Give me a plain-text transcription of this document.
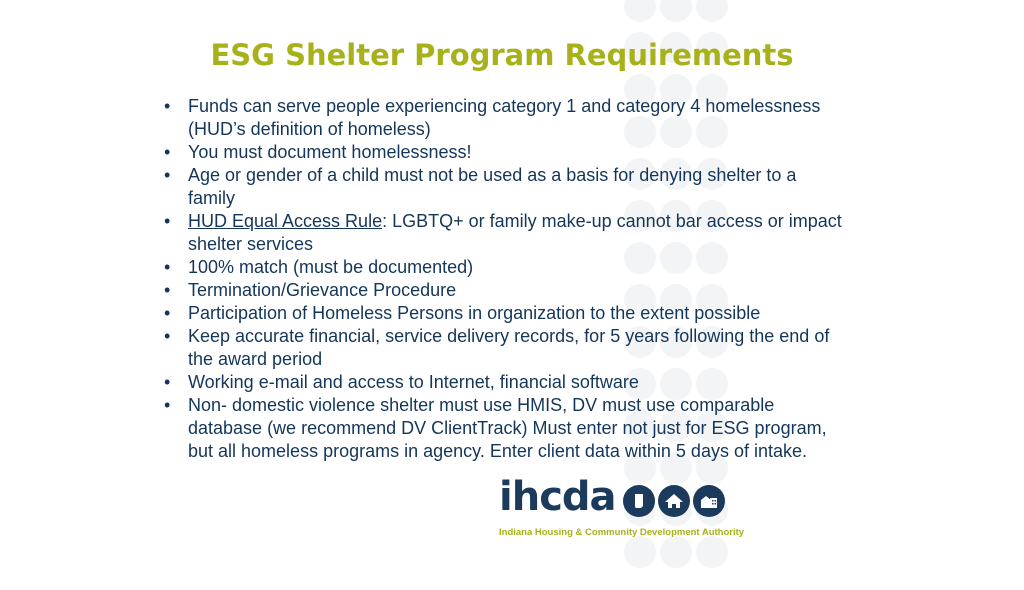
ESG Shelter Program Requirements
• Funds can serve people experiencing category 1 and category 4 homelessness (HUD’s definition of homeless)
• You must document homelessness!
• Age or gender of a child must not be used as a basis for denying shelter to a family
• HUD Equal Access Rule: LGBTQ+ or family make-up cannot bar access or impact shelter services
• 100% match (must be documented)
• Termination/Grievance Procedure
• Participation of Homeless Persons in organization to the extent possible
• Keep accurate financial, service delivery records, for 5 years following the end of the award period
• Working e-mail and access to Internet, financial software
• Non- domestic violence shelter must use HMIS, DV must use comparable database (we recommend DV ClientTrack) Must enter not just for ESG program, but all homeless programs in agency. Enter client data within 5 days of intake.
ihcda
Indiana Housing & Community Development Authority
